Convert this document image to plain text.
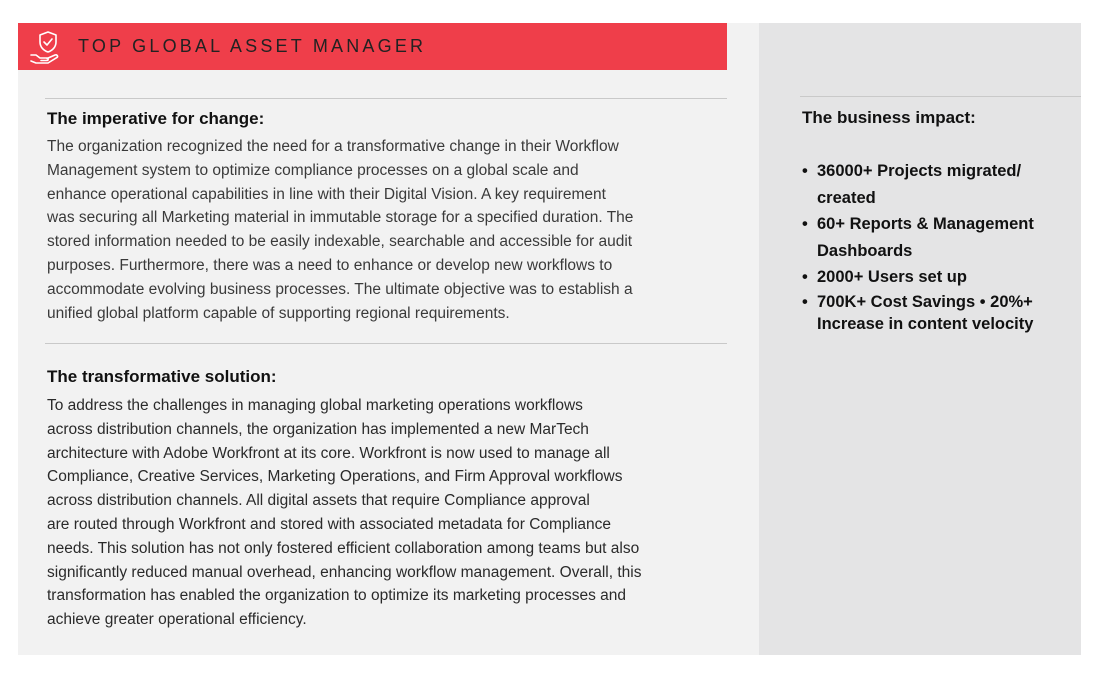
TOP GLOBAL ASSET MANAGER
The imperative for change:
The organization recognized the need for a transformative change in their Workflow
Management system to optimize compliance processes on a global scale and
enhance operational capabilities in line with their Digital Vision. A key requirement
was securing all Marketing material in immutable storage for a specified duration. The
stored information needed to be easily indexable, searchable and accessible for audit
purposes. Furthermore, there was a need to enhance or develop new workflows to
accommodate evolving business processes. The ultimate objective was to establish a
unified global platform capable of supporting regional requirements.
The transformative solution:
To address the challenges in managing global marketing operations workflows
across distribution channels, the organization has implemented a new MarTech
architecture with Adobe Workfront at its core. Workfront is now used to manage all
Compliance, Creative Services, Marketing Operations, and Firm Approval workflows
across distribution channels. All digital assets that require Compliance approval
are routed through Workfront and stored with associated metadata for Compliance
needs. This solution has not only fostered efficient collaboration among teams but also
significantly reduced manual overhead, enhancing workflow management. Overall, this
transformation has enabled the organization to optimize its marketing processes and
achieve greater operational efficiency.
The business impact:
• 36000+ Projects migrated/ created
• 60+ Reports & Management Dashboards
• 2000+ Users set up
• 700K+ Cost Savings • 20%+ Increase in content velocity
